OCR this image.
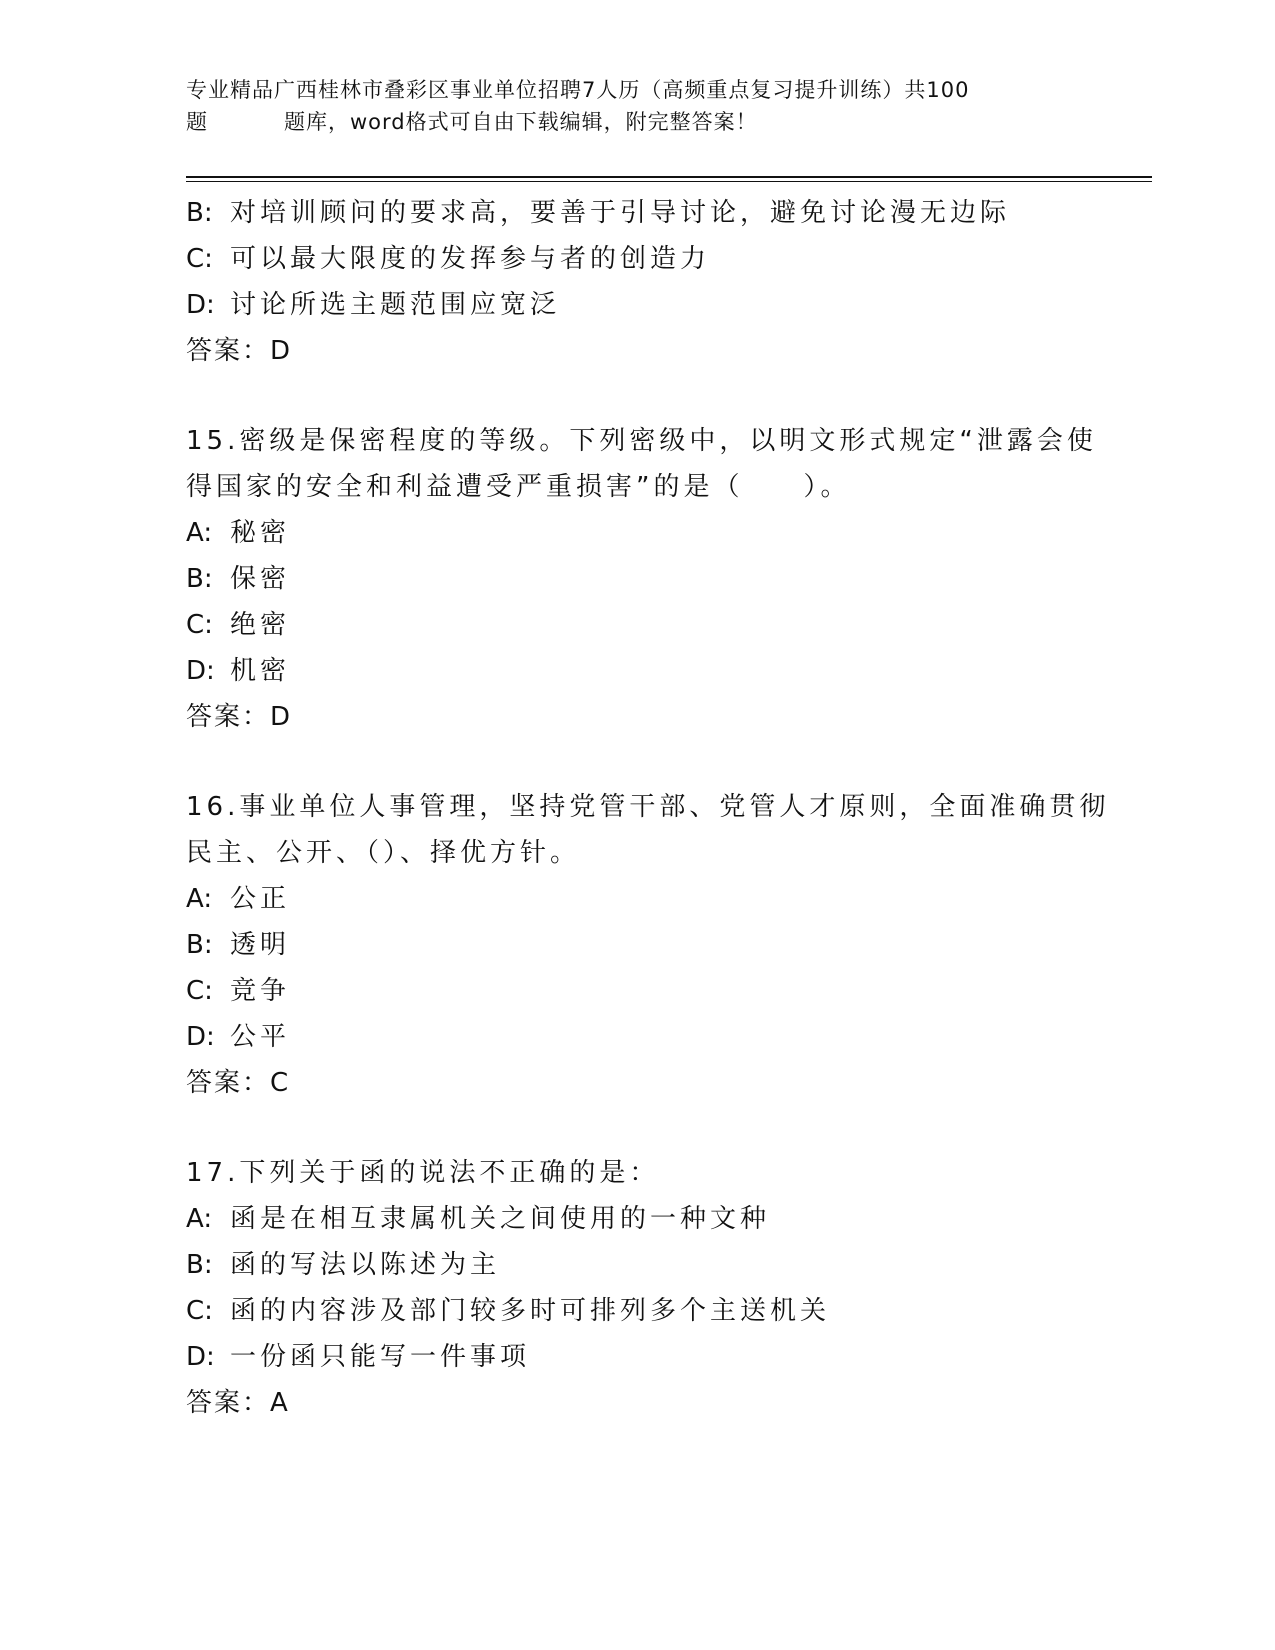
专业精品广西桂林市叠彩区事业单位招聘7人历（高频重点复习提升训练）共100
题	题库，word格式可自由下载编辑，附完整答案！
B: 对培训顾问的要求高，要善于引导讨论，避免讨论漫无边际
C: 可以最大限度的发挥参与者的创造力
D: 讨论所选主题范围应宽泛
答案：D
15.密级是保密程度的等级。下列密级中，以明文形式规定“泄露会使
得国家的安全和利益遭受严重损害”的是（　　）。
A: 秘密
B: 保密
C: 绝密
D: 机密
答案：D
16.事业单位人事管理，坚持党管干部、党管人才原则，全面准确贯彻
民主、公开、（）、择优方针。
A: 公正
B: 透明
C: 竞争
D: 公平
答案：C
17.下列关于函的说法不正确的是：
A: 函是在相互隶属机关之间使用的一种文种
B: 函的写法以陈述为主
C: 函的内容涉及部门较多时可排列多个主送机关
D: 一份函只能写一件事项
答案：A
